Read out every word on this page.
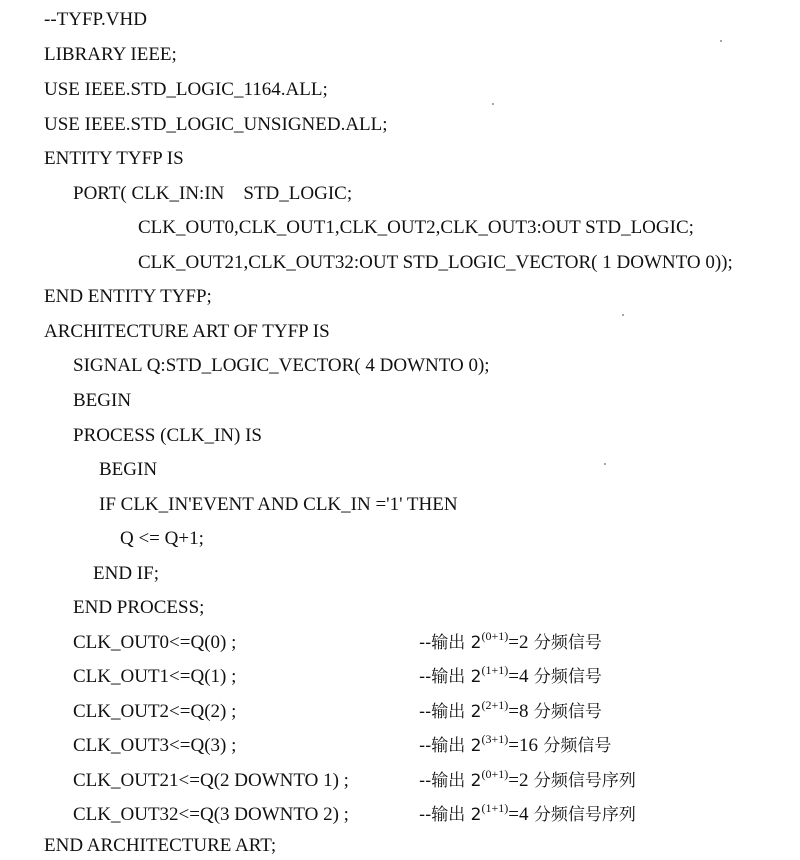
--TYFP.VHD
LIBRARY IEEE;
USE IEEE.STD_LOGIC_1164.ALL;
USE IEEE.STD_LOGIC_UNSIGNED.ALL;
ENTITY TYFP IS
PORT( CLK_IN:IN    STD_LOGIC;
CLK_OUT0,CLK_OUT1,CLK_OUT2,CLK_OUT3:OUT STD_LOGIC;
CLK_OUT21,CLK_OUT32:OUT STD_LOGIC_VECTOR( 1 DOWNTO 0));
END ENTITY TYFP;
ARCHITECTURE ART OF TYFP IS
SIGNAL Q:STD_LOGIC_VECTOR( 4 DOWNTO 0);
BEGIN
PROCESS (CLK_IN) IS
BEGIN
IF CLK_IN'EVENT AND CLK_IN ='1' THEN
Q <= Q+1;
END IF;
END PROCESS;
CLK_OUT0<=Q(0) ;
CLK_OUT1<=Q(1) ;
CLK_OUT2<=Q(2) ;
CLK_OUT3<=Q(3) ;
CLK_OUT21<=Q(2 DOWNTO 1) ;
CLK_OUT32<=Q(3 DOWNTO 2) ;
END ARCHITECTURE ART;
--输出 $2^{(0+1)}=2$ 分频信号
--输出 $2^{(1+1)}=4$ 分频信号
--输出 $2^{(2+1)}=8$ 分频信号
--输出 $2^{(3+1)}=16$ 分频信号
--输出 $2^{(0+1)}=2$ 分频信号序列
--输出 $2^{(1+1)}=4$ 分频信号序列
